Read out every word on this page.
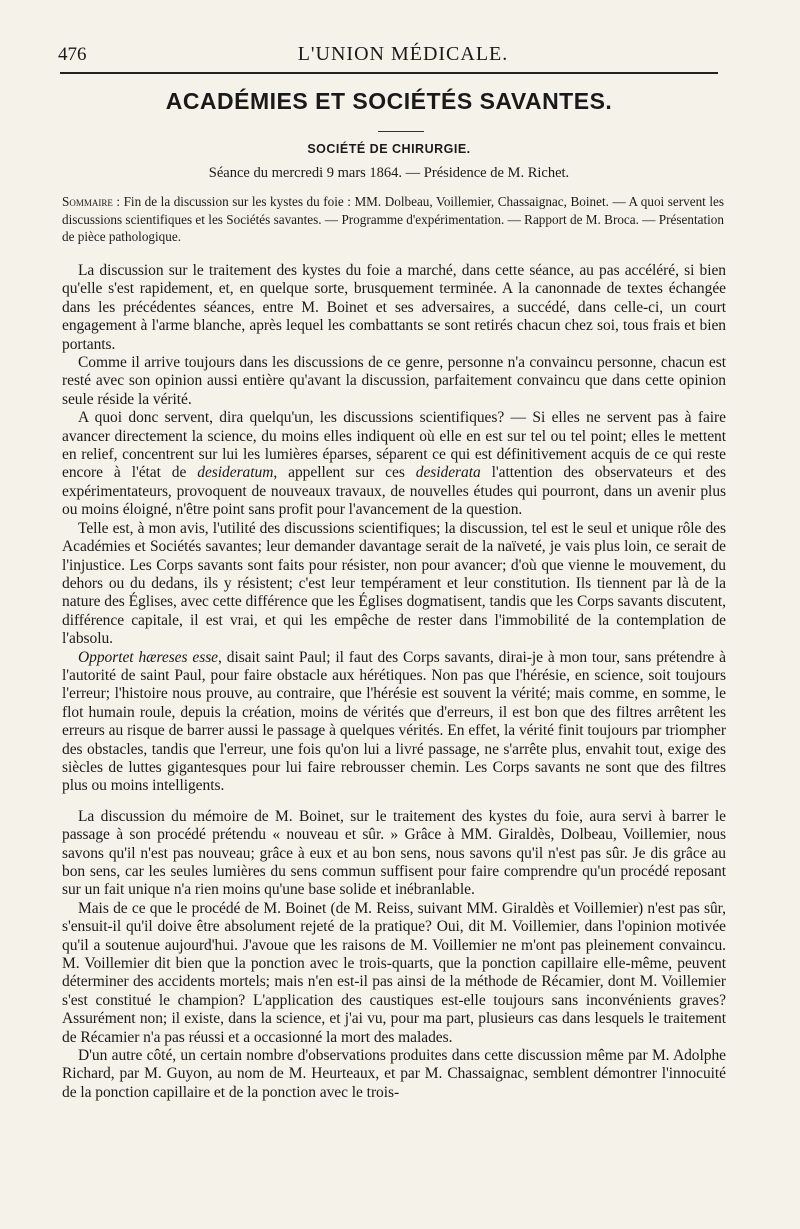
476	L'UNION MÉDICALE.
ACADÉMIES ET SOCIÉTÉS SAVANTES.
SOCIÉTÉ DE CHIRURGIE.
Séance du mercredi 9 mars 1864. — Présidence de M. Richet.
Sommaire : Fin de la discussion sur les kystes du foie : MM. Dolbeau, Voillemier, Chassaignac, Boinet. — A quoi servent les discussions scientifiques et les Sociétés savantes. — Programme d'expérimentation. — Rapport de M. Broca. — Présentation de pièce pathologique.

La discussion sur le traitement des kystes du foie a marché, dans cette séance, au pas accéléré, si bien qu'elle s'est rapidement, et, en quelque sorte, brusquement terminée. A la canonnade de textes échangée dans les précédentes séances, entre M. Boinet et ses adversaires, a succédé, dans celle-ci, un court engagement à l'arme blanche, après lequel les combattants se sont retirés chacun chez soi, tous frais et bien portants.

Comme il arrive toujours dans les discussions de ce genre, personne n'a convaincu personne, chacun est resté avec son opinion aussi entière qu'avant la discussion, parfaitement convaincu que dans cette opinion seule réside la vérité.

A quoi donc servent, dira quelqu'un, les discussions scientifiques? — Si elles ne servent pas à faire avancer directement la science, du moins elles indiquent où elle en est sur tel ou tel point; elles le mettent en relief, concentrent sur lui les lumières éparses, séparent ce qui est définitivement acquis de ce qui reste encore à l'état de desideratum, appellent sur ces desiderata l'attention des observateurs et des expérimentateurs, provoquent de nouveaux travaux, de nouvelles études qui pourront, dans un avenir plus ou moins éloigné, n'être point sans profit pour l'avancement de la question.

Telle est, à mon avis, l'utilité des discussions scientifiques; la discussion, tel est le seul et unique rôle des Académies et Sociétés savantes; leur demander davantage serait de la naïveté, je vais plus loin, ce serait de l'injustice. Les Corps savants sont faits pour résister, non pour avancer; d'où que vienne le mouvement, du dehors ou du dedans, ils y résistent; c'est leur tempérament et leur constitution. Ils tiennent par là de la nature des Églises, avec cette différence que les Églises dogmatisent, tandis que les Corps savants discutent, différence capitale, il est vrai, et qui les empêche de rester dans l'immobilité de la contemplation de l'absolu.

Opportet hæreses esse, disait saint Paul; il faut des Corps savants, dirai-je à mon tour, sans prétendre à l'autorité de saint Paul, pour faire obstacle aux hérétiques. Non pas que l'hérésie, en science, soit toujours l'erreur; l'histoire nous prouve, au contraire, que l'hérésie est souvent la vérité; mais comme, en somme, le flot humain roule, depuis la création, moins de vérités que d'erreurs, il est bon que des filtres arrêtent les erreurs au risque de barrer aussi le passage à quelques vérités. En effet, la vérité finit toujours par triompher des obstacles, tandis que l'erreur, une fois qu'on lui a livré passage, ne s'arrête plus, envahit tout, exige des siècles de luttes gigantesques pour lui faire rebrousser chemin. Les Corps savants ne sont que des filtres plus ou moins intelligents.

La discussion du mémoire de M. Boinet, sur le traitement des kystes du foie, aura servi à barrer le passage à son procédé prétendu « nouveau et sûr. » Grâce à MM. Giraldès, Dolbeau, Voillemier, nous savons qu'il n'est pas nouveau; grâce à eux et au bon sens, nous savons qu'il n'est pas sûr. Je dis grâce au bon sens, car les seules lumières du sens commun suffisent pour faire comprendre qu'un procédé reposant sur un fait unique n'a rien moins qu'une base solide et inébranlable.

Mais de ce que le procédé de M. Boinet (de M. Reiss, suivant MM. Giraldès et Voillemier) n'est pas sûr, s'ensuit-il qu'il doive être absolument rejeté de la pratique? Oui, dit M. Voillemier, dans l'opinion motivée qu'il a soutenue aujourd'hui. J'avoue que les raisons de M. Voillemier ne m'ont pas pleinement convaincu. M. Voillemier dit bien que la ponction avec le trois-quarts, que la ponction capillaire elle-même, peuvent déterminer des accidents mortels; mais n'en est-il pas ainsi de la méthode de Récamier, dont M. Voillemier s'est constitué le champion? L'application des caustiques est-elle toujours sans inconvénients graves? Assurément non; il existe, dans la science, et j'ai vu, pour ma part, plusieurs cas dans lesquels le traitement de Récamier n'a pas réussi et a occasionné la mort des malades.

D'un autre côté, un certain nombre d'observations produites dans cette discussion même par M. Adolphe Richard, par M. Guyon, au nom de M. Heurteaux, et par M. Chassaignac, semblent démontrer l'innocuité de la ponction capillaire et de la ponction avec le trois-
